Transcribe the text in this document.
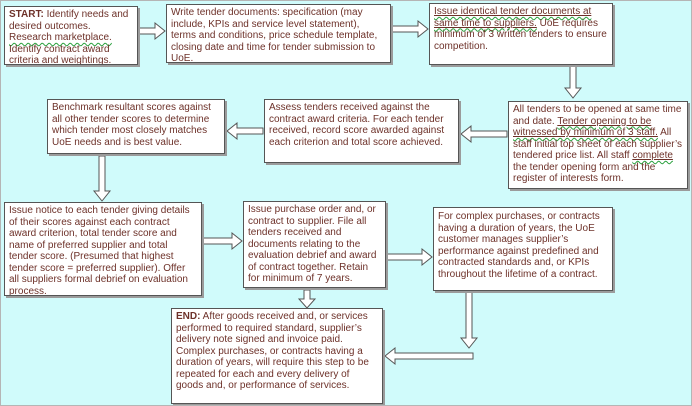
START: Identify needs and desired outcomes. Research marketplace. Identify contract award criteria and weightings.
Write tender documents: specification (may include, KPIs and service level statement), terms and conditions, price schedule template, closing date and time for tender submission to UoE.
Issue identical tender documents at same time to suppliers. UoE requires minimum of 3 written tenders to ensure competition.
Benchmark resultant scores against all other tender scores to determine which tender most closely matches UoE needs and is best value.
Assess tenders received against the contract award criteria. For each tender received, record score awarded against each criterion and total score achieved.
All tenders to be opened at same time and date. Tender opening to be witnessed by minimum of 3 staff. All staff initial top sheet of each supplier’s tendered price list. All staff complete the tender opening form and the register of interests form.
Issue notice to each tender giving details of their scores against each contract award criterion, total tender score and name of preferred supplier and total tender score. (Presumed that highest tender score = preferred supplier). Offer all suppliers formal debrief on evaluation process.
Issue purchase order and, or contract to supplier. File all tenders received and documents relating to the evaluation debrief and award of contract together. Retain for minimum of 7 years.
For complex purchases, or contracts having a duration of years, the UoE customer manages supplier’s performance against predefined and contracted standards and, or KPIs throughout the lifetime of a contract.
END: After goods received and, or services performed to required standard, supplier’s delivery note signed and invoice paid. Complex purchases, or contracts having a duration of years, will require this step to be repeated for each and every delivery of goods and, or performance of services.
